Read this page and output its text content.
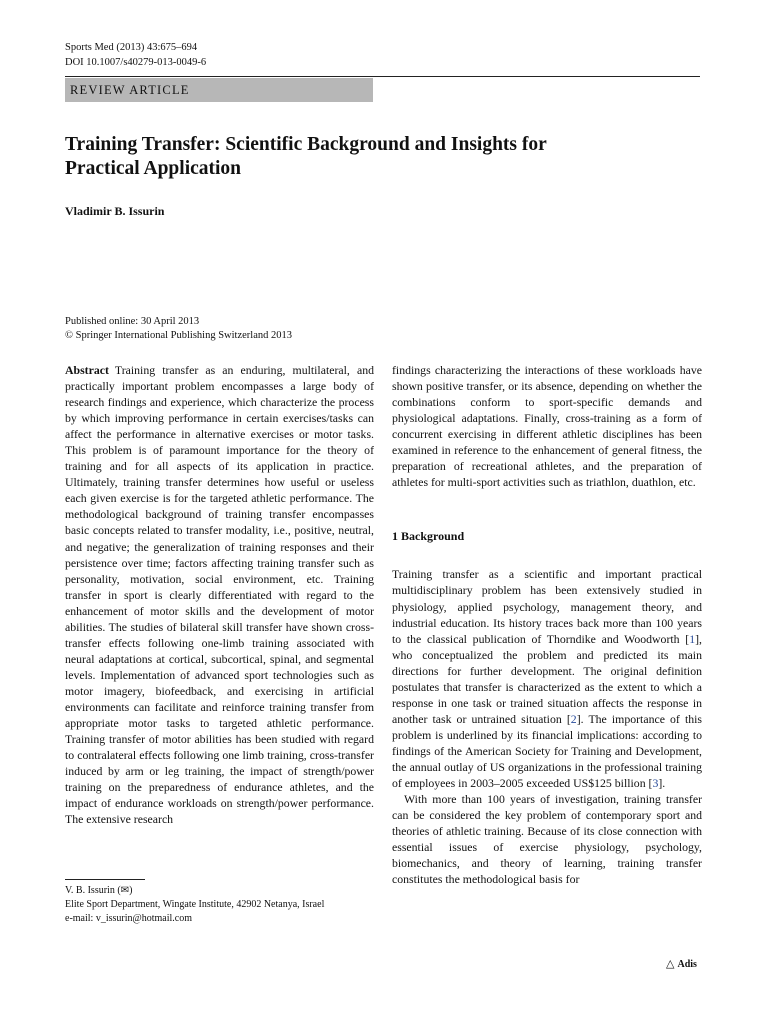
Sports Med (2013) 43:675–694
DOI 10.1007/s40279-013-0049-6
REVIEW ARTICLE
Training Transfer: Scientific Background and Insights for Practical Application
Vladimir B. Issurin
Published online: 30 April 2013
© Springer International Publishing Switzerland 2013

Abstract Training transfer as an enduring, multilateral, and practically important problem encompasses a large body of research findings and experience, which characterize the process by which improving performance in certain exercises/tasks can affect the performance in alternative exercises or motor tasks. This problem is of paramount importance for the theory of training and for all aspects of its application in practice. Ultimately, training transfer determines how useful or useless each given exercise is for the targeted athletic performance. The methodological background of training transfer encompasses basic concepts related to transfer modality, i.e., positive, neutral, and negative; the generalization of training responses and their persistence over time; factors affecting training transfer such as personality, motivation, social environment, etc. Training transfer in sport is clearly differentiated with regard to the enhancement of motor skills and the development of motor abilities. The studies of bilateral skill transfer have shown cross-transfer effects following one-limb training associated with neural adaptations at cortical, subcortical, spinal, and segmental levels. Implementation of advanced sport technologies such as motor imagery, biofeedback, and exercising in artificial environments can facilitate and reinforce training transfer from appropriate motor tasks to targeted athletic performance. Training transfer of motor abilities has been studied with regard to contralateral effects following one limb training, cross-transfer induced by arm or leg training, the impact of strength/power training on the preparedness of endurance athletes, and the impact of endurance workloads on strength/power performance. The extensive research

findings characterizing the interactions of these workloads have shown positive transfer, or its absence, depending on whether the combinations conform to sport-specific demands and physiological adaptations. Finally, cross-training as a form of concurrent exercising in different athletic disciplines has been examined in reference to the enhancement of general fitness, the preparation of recreational athletes, and the preparation of athletes for multi-sport activities such as triathlon, duathlon, etc.

1 Background

Training transfer as a scientific and important practical multidisciplinary problem has been extensively studied in physiology, applied psychology, management theory, and industrial education. Its history traces back more than 100 years to the classical publication of Thorndike and Woodworth [1], who conceptualized the problem and predicted its main directions for further development. The original definition postulates that transfer is characterized as the extent to which a response in one task or trained situation affects the response in another task or untrained situation [2]. The importance of this problem is underlined by its financial implications: according to findings of the American Society for Training and Development, the annual outlay of US organizations in the professional training of employees in 2003–2005 exceeded US$125 billion [3].

With more than 100 years of investigation, training transfer can be considered the key problem of contemporary sport and theories of athletic training. Because of its close connection with essential issues of exercise physiology, psychology, biomechanics, and theory of learning, training transfer constitutes the methodological basis for

V. B. Issurin (✉)
Elite Sport Department, Wingate Institute, 42902 Netanya, Israel
e-mail: v_issurin@hotmail.com
△ Adis
